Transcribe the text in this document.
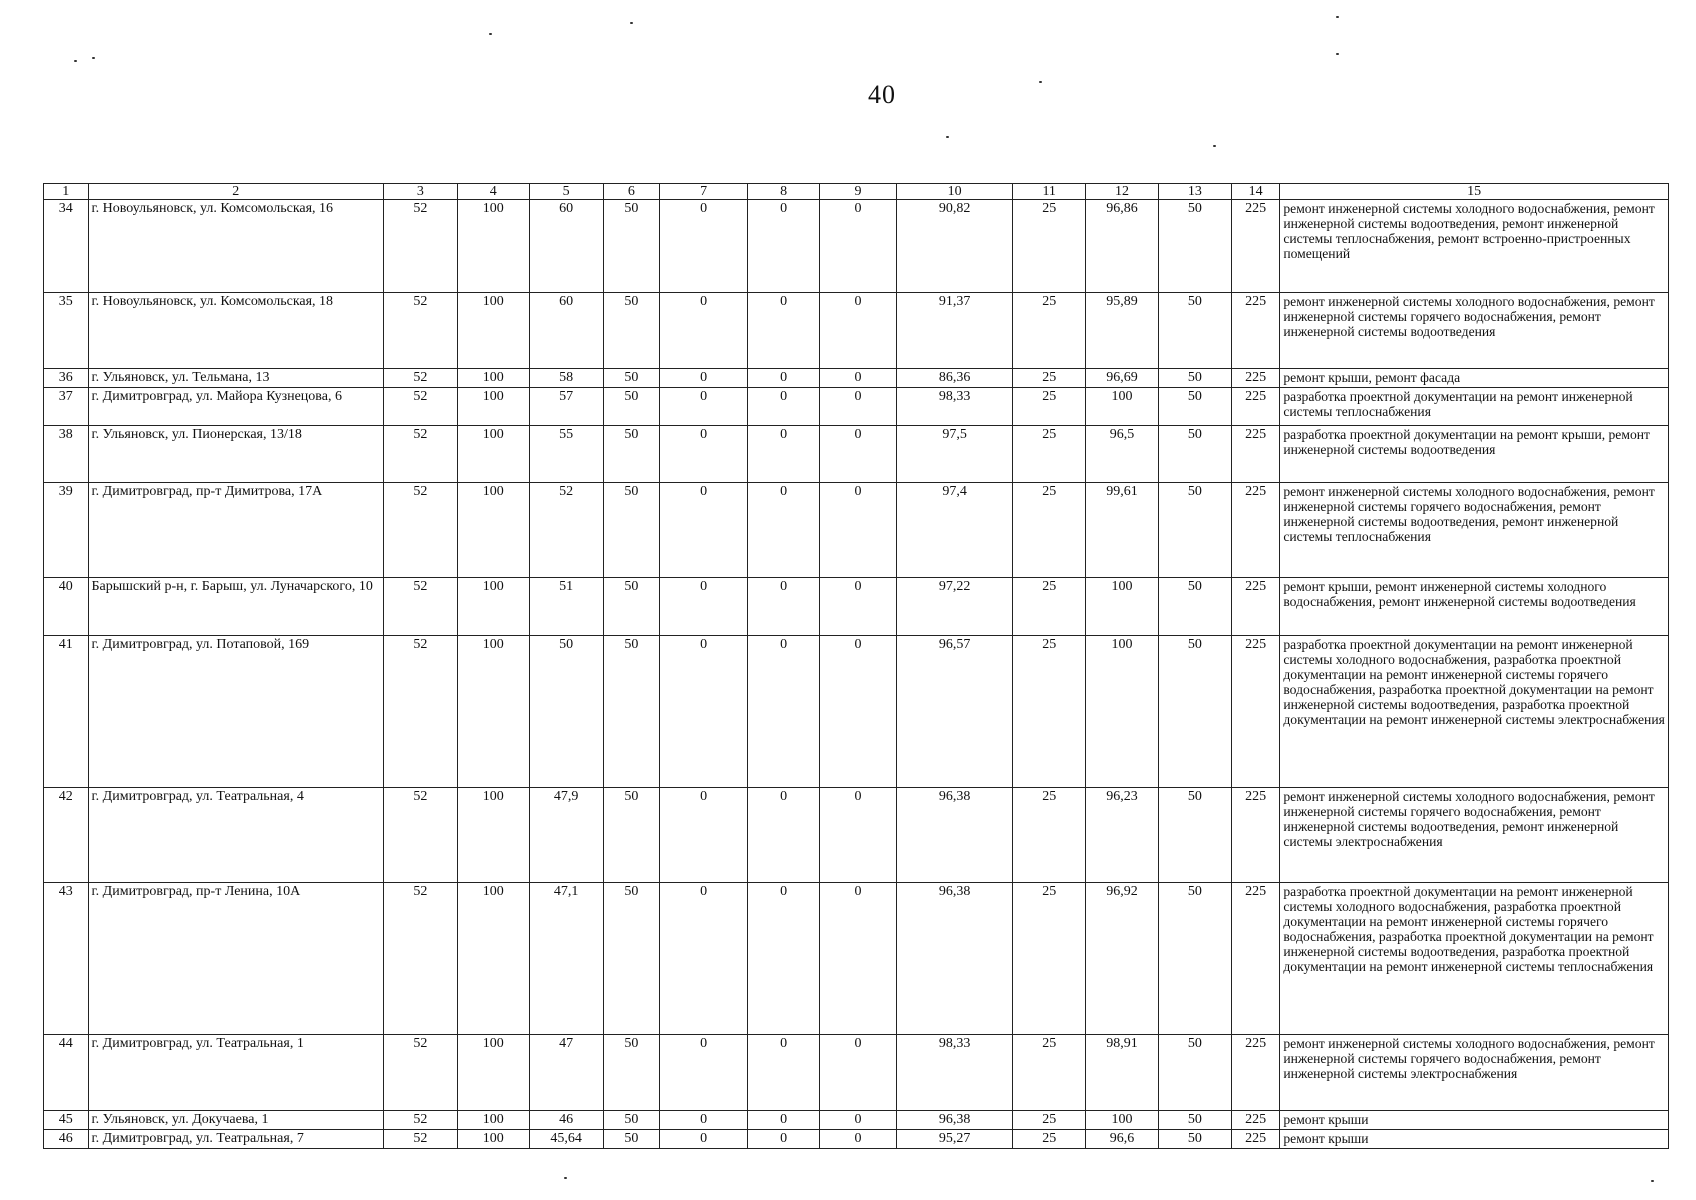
40
1	2	3	4	5	6	7	8	9	10	11	12	13	14	15
34	г. Новоульяновск, ул. Комсомольская, 16	52	100	60	50	0	0	0	90,82	25	96,86	50	225	ремонт инженерной системы холодного водоснабжения, ремонт инженерной системы водоотведения, ремонт инженерной системы теплоснабжения, ремонт встроенно-пристроенных помещений
35	г. Новоульяновск, ул. Комсомольская, 18	52	100	60	50	0	0	0	91,37	25	95,89	50	225	ремонт инженерной системы холодного водоснабжения, ремонт инженерной системы горячего водоснабжения, ремонт инженерной системы водоотведения
36	г. Ульяновск, ул. Тельмана, 13	52	100	58	50	0	0	0	86,36	25	96,69	50	225	ремонт крыши, ремонт фасада
37	г. Димитровград, ул. Майора Кузнецова, 6	52	100	57	50	0	0	0	98,33	25	100	50	225	разработка проектной документации на ремонт инженерной системы теплоснабжения
38	г. Ульяновск, ул. Пионерская, 13/18	52	100	55	50	0	0	0	97,5	25	96,5	50	225	разработка проектной документации на ремонт крыши, ремонт инженерной системы водоотведения
39	г. Димитровград, пр-т Димитрова, 17А	52	100	52	50	0	0	0	97,4	25	99,61	50	225	ремонт инженерной системы холодного водоснабжения, ремонт инженерной системы горячего водоснабжения, ремонт инженерной системы водоотведения, ремонт инженерной системы теплоснабжения
40	Барышский р-н, г. Барыш, ул. Луначарского, 10	52	100	51	50	0	0	0	97,22	25	100	50	225	ремонт крыши, ремонт инженерной системы холодного водоснабжения, ремонт инженерной системы водоотведения
41	г. Димитровград, ул. Потаповой, 169	52	100	50	50	0	0	0	96,57	25	100	50	225	разработка проектной документации на ремонт инженерной системы холодного водоснабжения, разработка проектной документации на ремонт инженерной системы горячего водоснабжения, разработка проектной документации на ремонт инженерной системы водоотведения, разработка проектной документации на ремонт инженерной системы электроснабжения
42	г. Димитровград, ул. Театральная, 4	52	100	47,9	50	0	0	0	96,38	25	96,23	50	225	ремонт инженерной системы холодного водоснабжения, ремонт инженерной системы горячего водоснабжения, ремонт инженерной системы водоотведения, ремонт инженерной системы электроснабжения
43	г. Димитровград, пр-т Ленина, 10А	52	100	47,1	50	0	0	0	96,38	25	96,92	50	225	разработка проектной документации на ремонт инженерной системы холодного водоснабжения, разработка проектной документации на ремонт инженерной системы горячего водоснабжения, разработка проектной документации на ремонт инженерной системы водоотведения, разработка проектной документации на ремонт инженерной системы теплоснабжения
44	г. Димитровград, ул. Театральная, 1	52	100	47	50	0	0	0	98,33	25	98,91	50	225	ремонт инженерной системы холодного водоснабжения, ремонт инженерной системы горячего водоснабжения, ремонт инженерной системы электроснабжения
45	г. Ульяновск, ул. Докучаева, 1	52	100	46	50	0	0	0	96,38	25	100	50	225	ремонт крыши
46	г. Димитровград, ул. Театральная, 7	52	100	45,64	50	0	0	0	95,27	25	96,6	50	225	ремонт крыши
